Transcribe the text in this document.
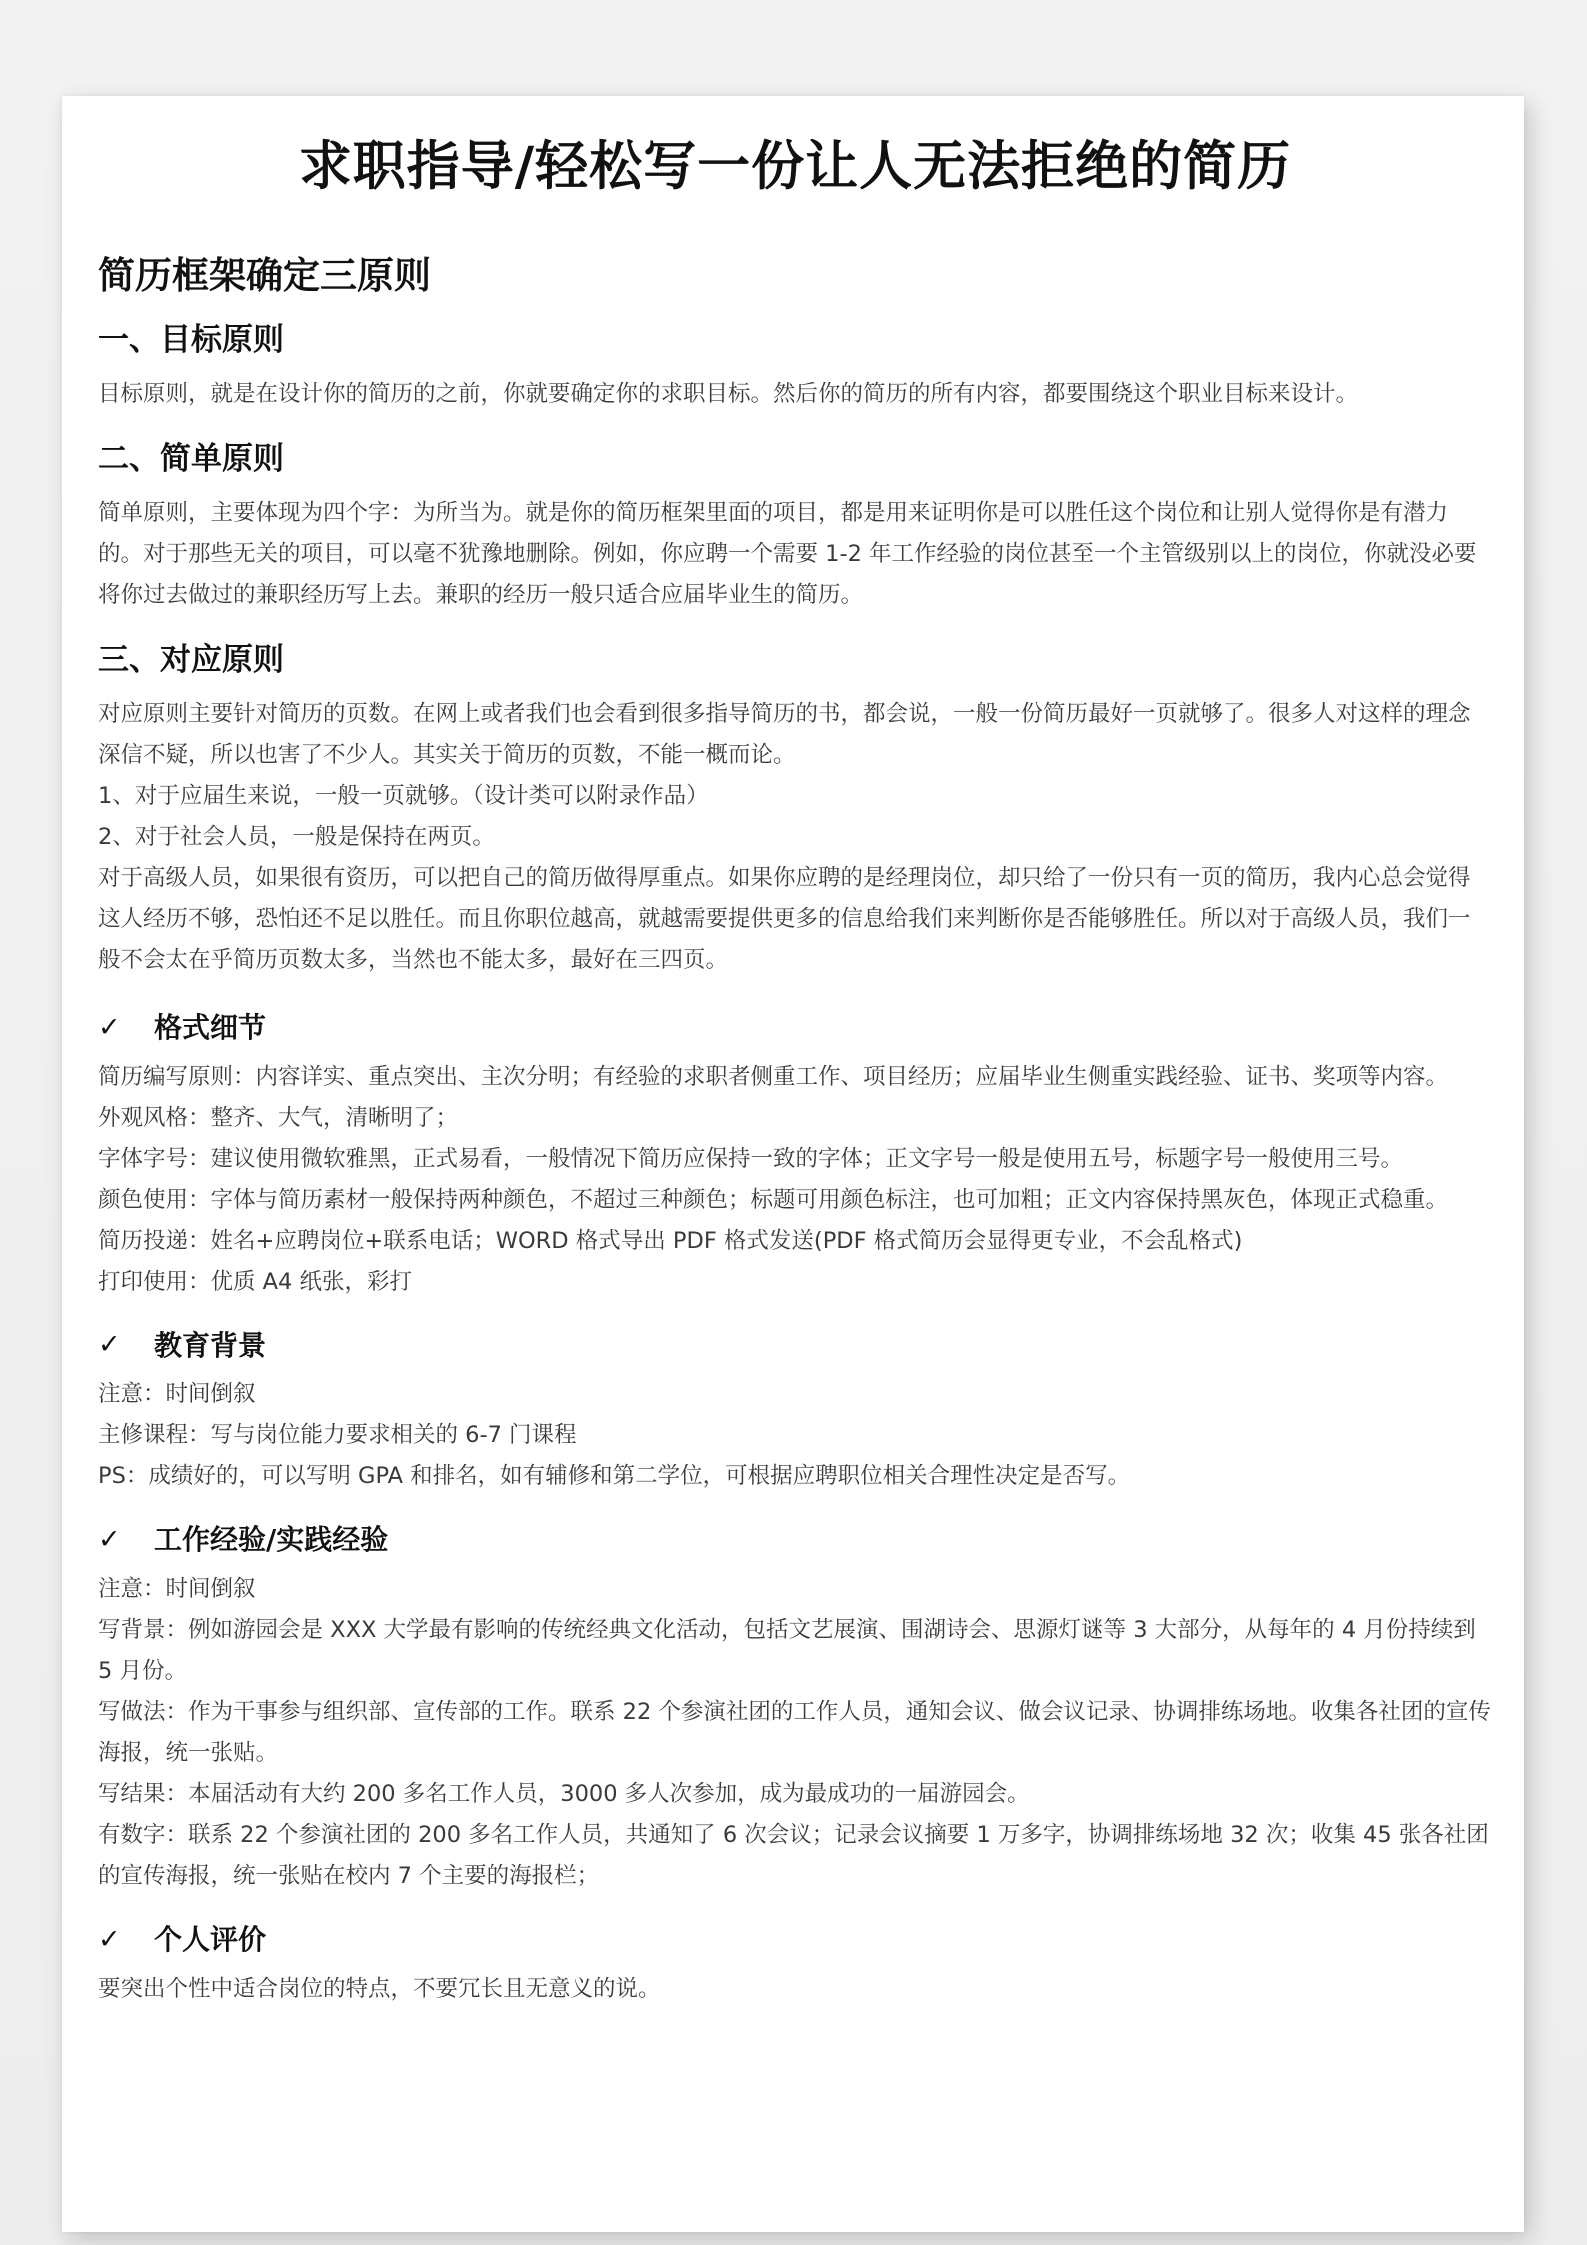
求职指导/轻松写一份让人无法拒绝的简历
简历框架确定三原则
一、目标原则

目标原则，就是在设计你的简历的之前，你就要确定你的求职目标。然后你的简历的所有内容，都要围绕这个职业目标来设计。

二、简单原则

简单原则，主要体现为四个字：为所当为。就是你的简历框架里面的项目，都是用来证明你是可以胜任这个岗位和让别人觉得你是有潜力的。对于那些无关的项目，可以毫不犹豫地删除。例如，你应聘一个需要 1-2 年工作经验的岗位甚至一个主管级别以上的岗位，你就没必要将你过去做过的兼职经历写上去。兼职的经历一般只适合应届毕业生的简历。

三、对应原则

对应原则主要针对简历的页数。在网上或者我们也会看到很多指导简历的书，都会说，一般一份简历最好一页就够了。很多人对这样的理念深信不疑，所以也害了不少人。其实关于简历的页数，不能一概而论。

1、对于应届生来说，一般一页就够。（设计类可以附录作品）

2、对于社会人员，一般是保持在两页。

对于高级人员，如果很有资历，可以把自己的简历做得厚重点。如果你应聘的是经理岗位，却只给了一份只有一页的简历，我内心总会觉得这人经历不够，恐怕还不足以胜任。而且你职位越高，就越需要提供更多的信息给我们来判断你是否能够胜任。所以对于高级人员，我们一般不会太在乎简历页数太多，当然也不能太多，最好在三四页。

✓	格式细节

简历编写原则：内容详实、重点突出、主次分明；有经验的求职者侧重工作、项目经历；应届毕业生侧重实践经验、证书、奖项等内容。

外观风格：整齐、大气，清晰明了；

字体字号：建议使用微软雅黑，正式易看，一般情况下简历应保持一致的字体；正文字号一般是使用五号，标题字号一般使用三号。

颜色使用：字体与简历素材一般保持两种颜色，不超过三种颜色；标题可用颜色标注，也可加粗；正文内容保持黑灰色，体现正式稳重。

简历投递：姓名+应聘岗位+联系电话；WORD 格式导出 PDF 格式发送(PDF 格式简历会显得更专业，不会乱格式)

打印使用：优质 A4 纸张，彩打

✓	教育背景

注意：时间倒叙

主修课程：写与岗位能力要求相关的 6-7 门课程

PS：成绩好的，可以写明 GPA 和排名，如有辅修和第二学位，可根据应聘职位相关合理性决定是否写。

✓	工作经验/实践经验

注意：时间倒叙

写背景：例如游园会是 XXX 大学最有影响的传统经典文化活动，包括文艺展演、围湖诗会、思源灯谜等 3 大部分，从每年的 4 月份持续到 5 月份。

写做法：作为干事参与组织部、宣传部的工作。联系 22 个参演社团的工作人员，通知会议、做会议记录、协调排练场地。收集各社团的宣传海报，统一张贴。

写结果：本届活动有大约 200 多名工作人员，3000 多人次参加，成为最成功的一届游园会。

有数字：联系 22 个参演社团的 200 多名工作人员，共通知了 6 次会议；记录会议摘要 1 万多字，协调排练场地 32 次；收集 45 张各社团的宣传海报，统一张贴在校内 7 个主要的海报栏；

✓	个人评价

要突出个性中适合岗位的特点，不要冗长且无意义的说。
